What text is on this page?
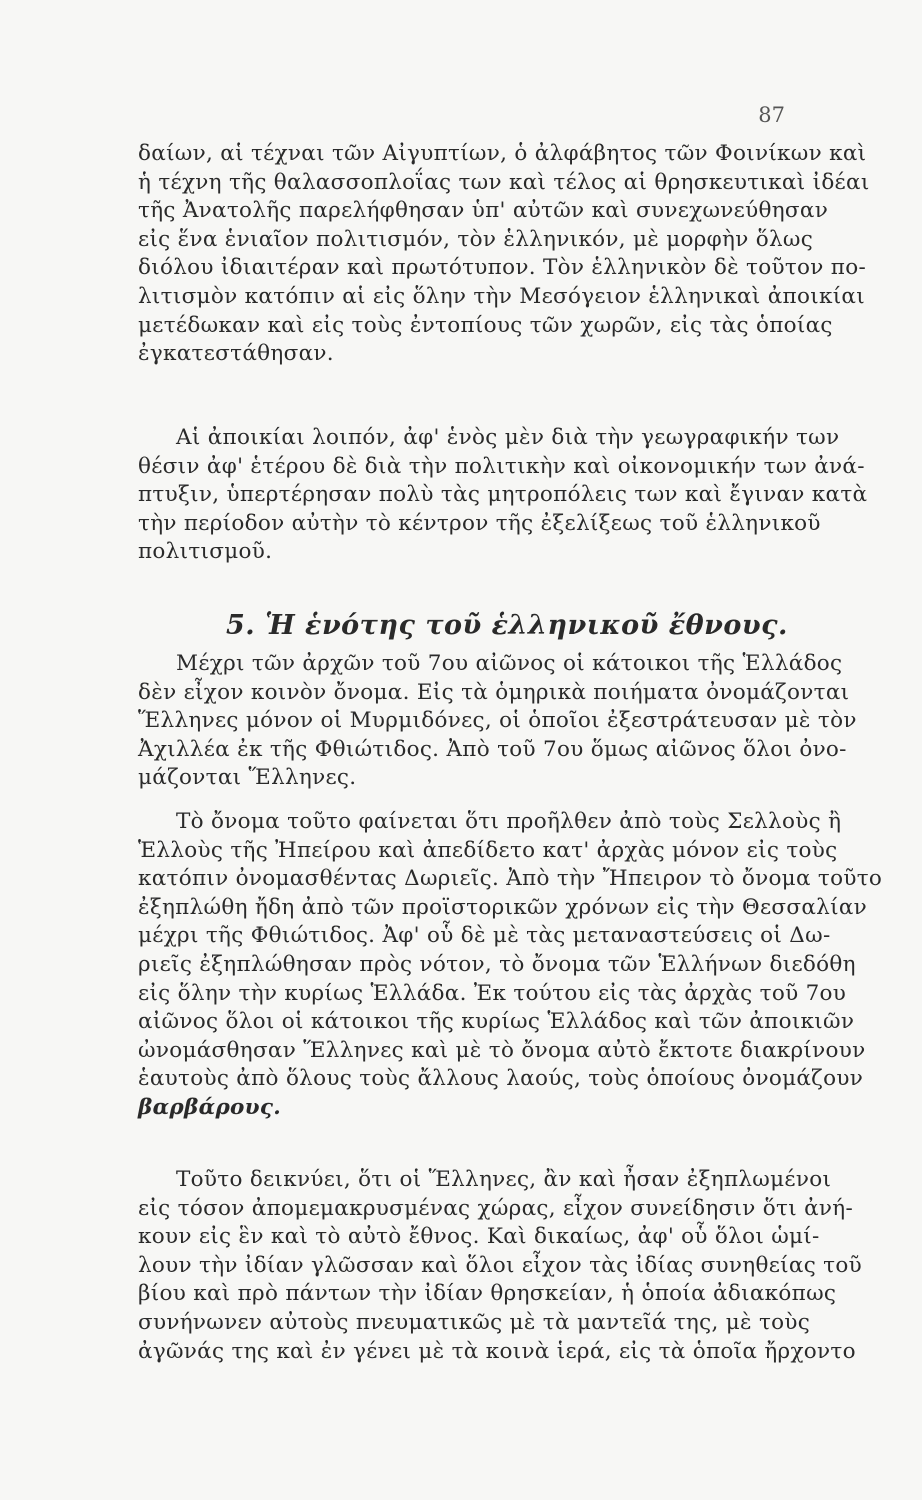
87
δαίων, αἱ τέχναι τῶν Αἰγυπτίων, ὁ ἀλφάβητος τῶν Φοινίκων καὶ
ἡ τέχνη τῆς θαλασσοπλοΐας των καὶ τέλος αἱ θρησκευτικαὶ ἰδέαι
τῆς Ἀνατολῆς παρελήφθησαν ὑπ' αὐτῶν καὶ συνεχωνεύθησαν
εἰς ἕνα ἑνιαῖον πολιτισμόν, τὸν ἑλληνικόν, μὲ μορφὴν ὅλως
διόλου ἰδιαιτέραν καὶ πρωτότυπον. Τὸν ἑλληνικὸν δὲ τοῦτον πο-
λιτισμὸν κατόπιν αἱ εἰς ὅλην τὴν Μεσόγειον ἑλληνικαὶ ἀποικίαι
μετέδωκαν καὶ εἰς τοὺς ἐντοπίους τῶν χωρῶν, εἰς τὰς ὁποίας
ἐγκατεστάθησαν.
Αἱ ἀποικίαι λοιπόν, ἀφ' ἑνὸς μὲν διὰ τὴν γεωγραφικήν των
θέσιν ἀφ' ἑτέρου δὲ διὰ τὴν πολιτικὴν καὶ οἰκονομικήν των ἀνά-
πτυξιν, ὑπερτέρησαν πολὺ τὰς μητροπόλεις των καὶ ἔγιναν κατὰ
τὴν περίοδον αὐτὴν τὸ κέντρον τῆς ἐξελίξεως τοῦ ἑλληνικοῦ
πολιτισμοῦ.
5. Ἡ ἑνότης τοῦ ἑλληνικοῦ ἔθνους.
Μέχρι τῶν ἀρχῶν τοῦ 7ου αἰῶνος οἱ κάτοικοι τῆς Ἑλλάδος
δὲν εἶχον κοινὸν ὄνομα. Εἰς τὰ ὁμηρικὰ ποιήματα ὀνομάζονται
Ἕλληνες μόνον οἱ Μυρμιδόνες, οἱ ὁποῖοι ἐξεστράτευσαν μὲ τὸν
Ἀχιλλέα ἐκ τῆς Φθιώτιδος. Ἀπὸ τοῦ 7ου ὅμως αἰῶνος ὅλοι ὀνο-
μάζονται Ἕλληνες.
Τὸ ὄνομα τοῦτο φαίνεται ὅτι προῆλθεν ἀπὸ τοὺς Σελλοὺς ἢ
Ἑλλοὺς τῆς Ἠπείρου καὶ ἀπεδίδετο κατ' ἀρχὰς μόνον εἰς τοὺς
κατόπιν ὀνομασθέντας Δωριεῖς. Ἀπὸ τὴν Ἤπειρον τὸ ὄνομα τοῦτο
ἐξηπλώθη ἤδη ἀπὸ τῶν προϊστορικῶν χρόνων εἰς τὴν Θεσσαλίαν
μέχρι τῆς Φθιώτιδος. Ἀφ' οὗ δὲ μὲ τὰς μεταναστεύσεις οἱ Δω-
ριεῖς ἐξηπλώθησαν πρὸς νότον, τὸ ὄνομα τῶν Ἑλλήνων διεδόθη
εἰς ὅλην τὴν κυρίως Ἑλλάδα. Ἐκ τούτου εἰς τὰς ἀρχὰς τοῦ 7ου
αἰῶνος ὅλοι οἱ κάτοικοι τῆς κυρίως Ἑλλάδος καὶ τῶν ἀποικιῶν
ὠνομάσθησαν Ἕλληνες καὶ μὲ τὸ ὄνομα αὐτὸ ἔκτοτε διακρίνουν
ἑαυτοὺς ἀπὸ ὅλους τοὺς ἄλλους λαούς, τοὺς ὁποίους ὀνομάζουν
βαρβάρους.
Τοῦτο δεικνύει, ὅτι οἱ Ἕλληνες, ἂν καὶ ἦσαν ἐξηπλωμένοι
εἰς τόσον ἀπομεμακρυσμένας χώρας, εἶχον συνείδησιν ὅτι ἀνή-
κουν εἰς ἓν καὶ τὸ αὐτὸ ἔθνος. Καὶ δικαίως, ἀφ' οὗ ὅλοι ὡμί-
λουν τὴν ἰδίαν γλῶσσαν καὶ ὅλοι εἶχον τὰς ἰδίας συνηθείας τοῦ
βίου καὶ πρὸ πάντων τὴν ἰδίαν θρησκείαν, ἡ ὁποία ἀδιακόπως
συνήνωνεν αὐτοὺς πνευματικῶς μὲ τὰ μαντεῖά της, μὲ τοὺς
ἀγῶνάς της καὶ ἐν γένει μὲ τὰ κοινὰ ἱερά, εἰς τὰ ὁποῖα ἤρχοντο
